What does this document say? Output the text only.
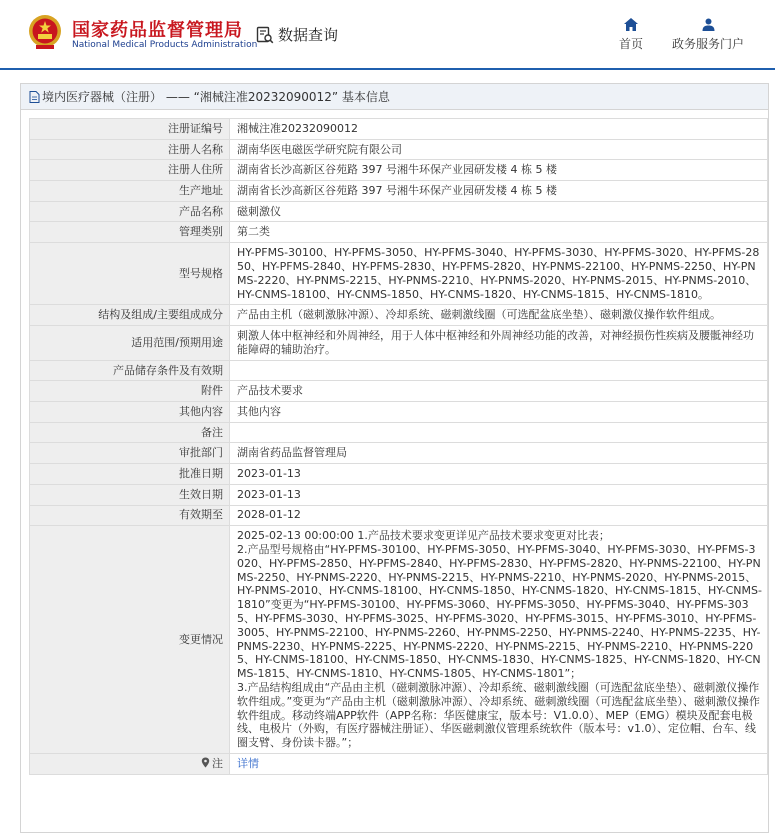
国家药品监督管理局
National Medical Products Administration
数据查询	首页 政务服务门户
境内医疗器械（注册） —— “湘械注准20232090012” 基本信息
注册证编号	湘械注准20232090012
注册人名称	湖南华医电磁医学研究院有限公司
注册人住所	湖南省长沙高新区谷苑路 397 号湘牛环保产业园研发楼 4 栋 5 楼
生产地址	湖南省长沙高新区谷苑路 397 号湘牛环保产业园研发楼 4 栋 5 楼
产品名称	磁刺激仪
管理类别	第二类
型号规格	HY-PFMS-30100、HY-PFMS-3050、HY-PFMS-3040、HY-PFMS-3030、HY-PFMS-3020、HY-PFMS-2850、HY-PFMS-2840、HY-PFMS-2830、HY-PFMS-2820、HY-PNMS-22100、HY-PNMS-2250、HY-PNMS-2220、HY-PNMS-2215、HY-PNMS-2210、HY-PNMS-2020、HY-PNMS-2015、HY-PNMS-2010、HY-CNMS-18100、HY-CNMS-1850、HY-CNMS-1820、HY-CNMS-1815、HY-CNMS-1810。
结构及组成/主要组成成分	产品由主机（磁刺激脉冲源）、冷却系统、磁刺激线圈（可选配盆底坐垫）、磁刺激仪操作软件组成。
适用范围/预期用途	刺激人体中枢神经和外周神经，用于人体中枢神经和外周神经功能的改善，对神经损伤性疾病及腰骶神经功能障碍的辅助治疗。
产品储存条件及有效期	
附件	产品技术要求
其他内容	其他内容
备注	
审批部门	湖南省药品监督管理局
批准日期	2023-01-13
生效日期	2023-01-13
有效期至	2028-01-12
变更情况	2025-02-13 00:00:00 1.产品技术要求变更详见产品技术要求变更对比表；
2.产品型号规格由“HY-PFMS-30100、HY-PFMS-3050、HY-PFMS-3040、HY-PFMS-3030、HY-PFMS-3020、HY-PFMS-2850、HY-PFMS-2840、HY-PFMS-2830、HY-PFMS-2820、HY-PNMS-22100、HY-PNMS-2250、HY-PNMS-2220、HY-PNMS-2215、HY-PNMS-2210、HY-PNMS-2020、HY-PNMS-2015、HY-PNMS-2010、HY-CNMS-18100、HY-CNMS-1850、HY-CNMS-1820、HY-CNMS-1815、HY-CNMS-1810”变更为“HY-PFMS-30100、HY-PFMS-3060、HY-PFMS-3050、HY-PFMS-3040、HY-PFMS-3035、HY-PFMS-3030、HY-PFMS-3025、HY-PFMS-3020、HY-PFMS-3015、HY-PFMS-3010、HY-PFMS-3005、HY-PNMS-22100、HY-PNMS-2260、HY-PNMS-2250、HY-PNMS-2240、HY-PNMS-2235、HY-PNMS-2230、HY-PNMS-2225、HY-PNMS-2220、HY-PNMS-2215、HY-PNMS-2210、HY-PNMS-2205、HY-CNMS-18100、HY-CNMS-1850、HY-CNMS-1830、HY-CNMS-1825、HY-CNMS-1820、HY-CNMS-1815、HY-CNMS-1810、HY-CNMS-1805、HY-CNMS-1801”；
3.产品结构组成由“产品由主机（磁刺激脉冲源）、冷却系统、磁刺激线圈（可选配盆底坐垫）、磁刺激仪操作软件组成。”变更为“产品由主机（磁刺激脉冲源）、冷却系统、磁刺激线圈（可选配盆底坐垫）、磁刺激仪操作软件组成。移动终端APP软件（APP名称：华医健康宝，版本号：V1.0.0）、MEP（EMG）模块及配套电极线、电极片（外购，有医疗器械注册证）、华医磁刺激仪管理系统软件（版本号：v1.0）、定位帽、台车、线圈支臂、身份读卡器。”；
注	详情
